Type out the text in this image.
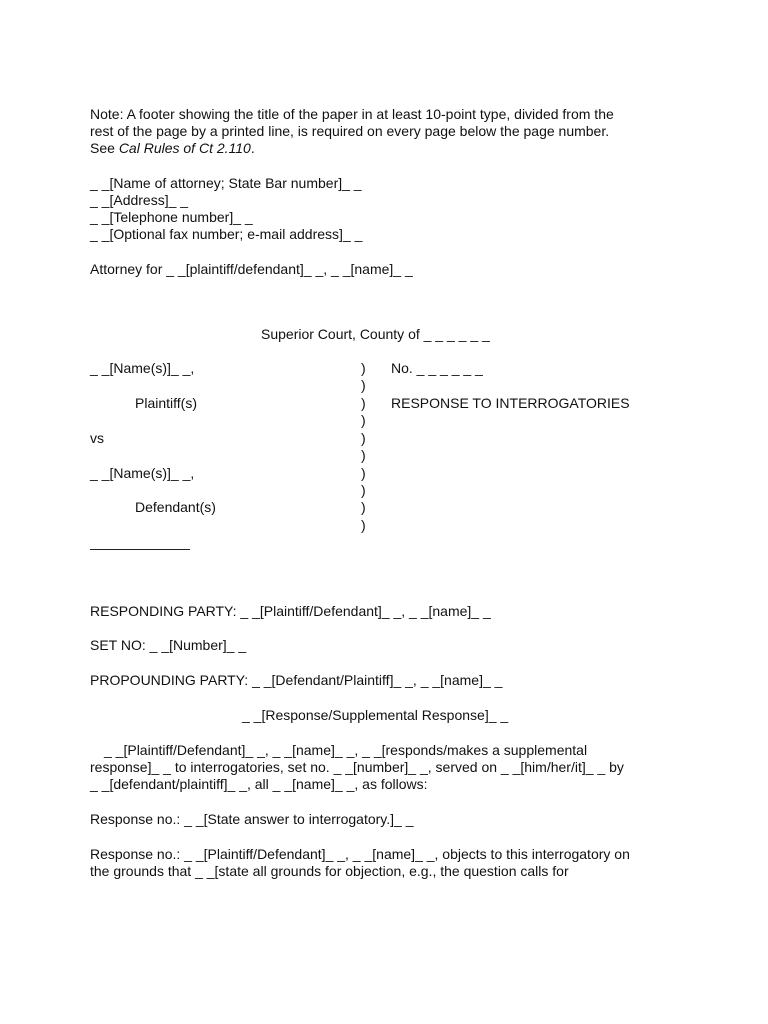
Note: A footer showing the title of the paper in at least 10-point type, divided from the
rest of the page by a printed line, is required on every page below the page number.
See Cal Rules of Ct 2.110.
_ _[Name of attorney; State Bar number]_ _
_ _[Address]_ _
_ _[Telephone number]_ _
_ _[Optional fax number; e-mail address]_ _
Attorney for _ _[plaintiff/defendant]_ _, _ _[name]_ _
Superior Court, County of _ _ _ _ _ _
_ _[Name(s)]_ _,
Plaintiff(s)
vs
_ _[Name(s)]_ _,
Defendant(s)
)
)
)
)
)
)
)
)
)
)
No. _ _ _ _ _ _
RESPONSE TO INTERROGATORIES
RESPONDING PARTY: _ _[Plaintiff/Defendant]_ _, _ _[name]_ _
SET NO: _ _[Number]_ _
PROPOUNDING PARTY: _ _[Defendant/Plaintiff]_ _, _ _[name]_ _
_ _[Response/Supplemental Response]_ _
_ _[Plaintiff/Defendant]_ _, _ _[name]_ _, _ _[responds/makes a supplemental
response]_ _ to interrogatories, set no. _ _[number]_ _, served on _ _[him/her/it]_ _ by
_ _[defendant/plaintiff]_ _, all _ _[name]_ _, as follows:
Response no.: _ _[State answer to interrogatory.]_ _
Response no.: _ _[Plaintiff/Defendant]_ _, _ _[name]_ _, objects to this interrogatory on
the grounds that _ _[state all grounds for objection, e.g., the question calls for
